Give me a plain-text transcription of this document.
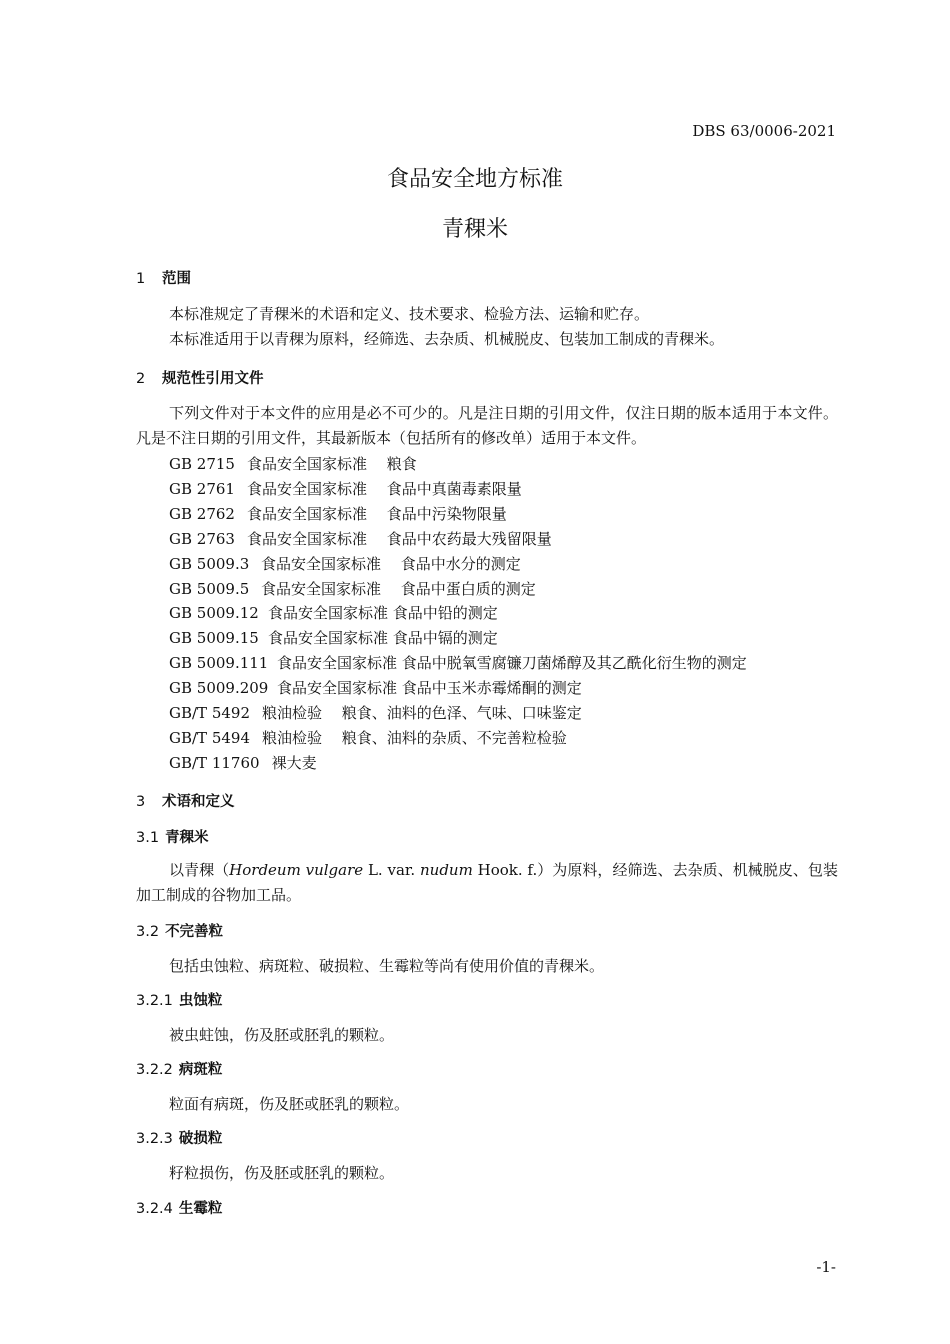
DBS 63/0006-2021
食品安全地方标准
青稞米
1 范围
本标准规定了青稞米的术语和定义、技术要求、检验方法、运输和贮存。
本标准适用于以青稞为原料，经筛选、去杂质、机械脱皮、包装加工制成的青稞米。
2 规范性引用文件
下列文件对于本文件的应用是必不可少的。凡是注日期的引用文件，仅注日期的版本适用于本文件。凡是不注日期的引用文件，其最新版本（包括所有的修改单）适用于本文件。
GB 2715 食品安全国家标准　 粮食
GB 2761 食品安全国家标准　 食品中真菌毒素限量
GB 2762 食品安全国家标准　 食品中污染物限量
GB 2763 食品安全国家标准　 食品中农药最大残留限量
GB 5009.3 食品安全国家标准　 食品中水分的测定
GB 5009.5 食品安全国家标准　 食品中蛋白质的测定
GB 5009.12 食品安全国家标准 食品中铅的测定
GB 5009.15 食品安全国家标准 食品中镉的测定
GB 5009.111 食品安全国家标准 食品中脱氧雪腐镰刀菌烯醇及其乙酰化衍生物的测定
GB 5009.209 食品安全国家标准 食品中玉米赤霉烯酮的测定
GB/T 5492 粮油检验　 粮食、油料的色泽、气味、口味鉴定
GB/T 5494 粮油检验　 粮食、油料的杂质、不完善粒检验
GB/T 11760 裸大麦
3 术语和定义
3.1 青稞米
以青稞（Hordeum vulgare L. var. nudum Hook. f.）为原料，经筛选、去杂质、机械脱皮、包装加工制成的谷物加工品。
3.2 不完善粒
包括虫蚀粒、病斑粒、破损粒、生霉粒等尚有使用价值的青稞米。
3.2.1 虫蚀粒
被虫蛀蚀，伤及胚或胚乳的颗粒。
3.2.2 病斑粒
粒面有病斑，伤及胚或胚乳的颗粒。
3.2.3 破损粒
籽粒损伤，伤及胚或胚乳的颗粒。
3.2.4 生霉粒
-1-
